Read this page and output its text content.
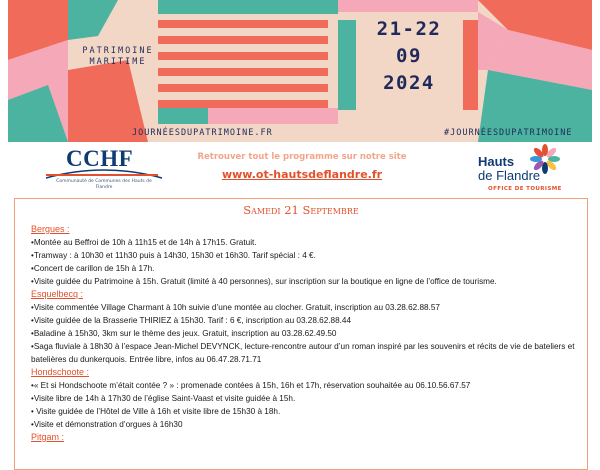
PATRIMOINE
MARITIME
21-22
09
2024
JOURNÉESDUPATRIMOINE.FR	#JOURNÉESDUPATRIMOINE
CCHF
Communauté de Communes des Hauts de Flandre
Retrouver tout le programme sur notre site
www.ot-hautsdeflandre.fr
Hauts
de Flandre
OFFICE DE TOURISME
Samedi 21 Septembre
Bergues :
• Montée au Beffroi de 10h à 11h15 et de 14h à 17h15. Gratuit.
• Tramway : à 10h30 et 11h30 puis à 14h30, 15h30 et 16h30. Tarif spécial : 4 €.
• Concert de carillon de 15h à 17h.
• Visite guidée du Patrimoine à 15h. Gratuit (limité à 40 personnes), sur inscription sur la boutique en ligne de l’office de tourisme.
Esquelbecq :
• Visite commentée Village Charmant à 10h suivie d’une montée au clocher. Gratuit, inscription au 03.28.62.88.57
• Visite guidée de la Brasserie THIRIEZ à 15h30. Tarif : 6 €, inscription au 03.28.62.88.44
• Baladine à 15h30, 3km sur le thème des jeux. Gratuit, inscription au 03.28.62.49.50
• Saga fluviale à 18h30 à l’espace Jean-Michel DEVYNCK, lecture-rencontre autour d’un roman inspiré par les souvenirs et récits de vie de bateliers et batelières du dunkerquois. Entrée libre, infos au 06.47.28.71.71
Hondschoote :
• « Et si Hondschoote m’était contée ? » : promenade contées à 15h, 16h et 17h, réservation souhaitée au 06.10.56.67.57
• Visite libre de 14h à 17h30 de l’église Saint-Vaast et visite guidée à 15h.
• Visite guidée de l’Hôtel de Ville à 16h et visite libre de 15h30 à 18h.
• Visite et démonstration d’orgues à 16h30
Pitgam :
